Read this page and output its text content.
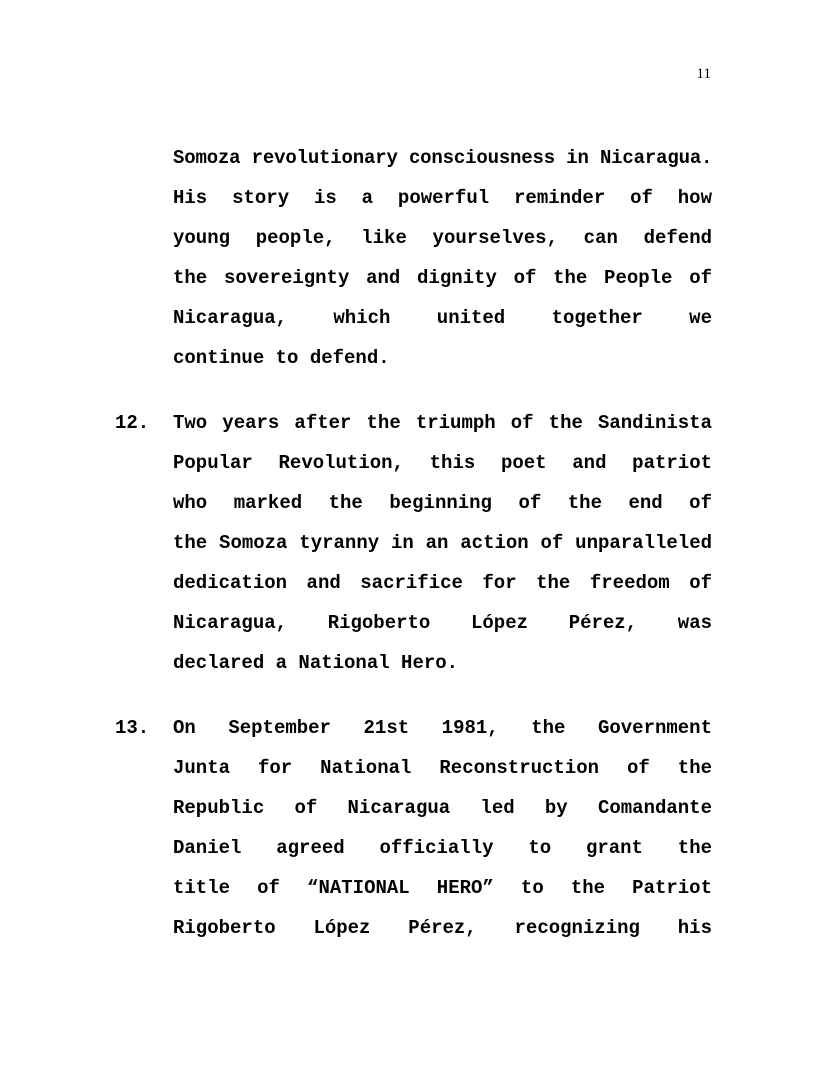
11
Somoza revolutionary consciousness in Nicaragua.
His story is a powerful reminder of how
young people, like yourselves, can defend
the sovereignty and dignity of the People of
Nicaragua, which united together we
continue to defend.
12. Two years after the triumph of the Sandinista
Popular Revolution, this poet and patriot
who marked the beginning of the end of
the Somoza tyranny in an action of unparalleled
dedication and sacrifice for the freedom of
Nicaragua, Rigoberto López Pérez, was
declared a National Hero.
13. On September 21st 1981, the Government
Junta for National Reconstruction of the
Republic of Nicaragua led by Comandante
Daniel agreed officially to grant the
title of “NATIONAL HERO” to the Patriot
Rigoberto López Pérez, recognizing his
